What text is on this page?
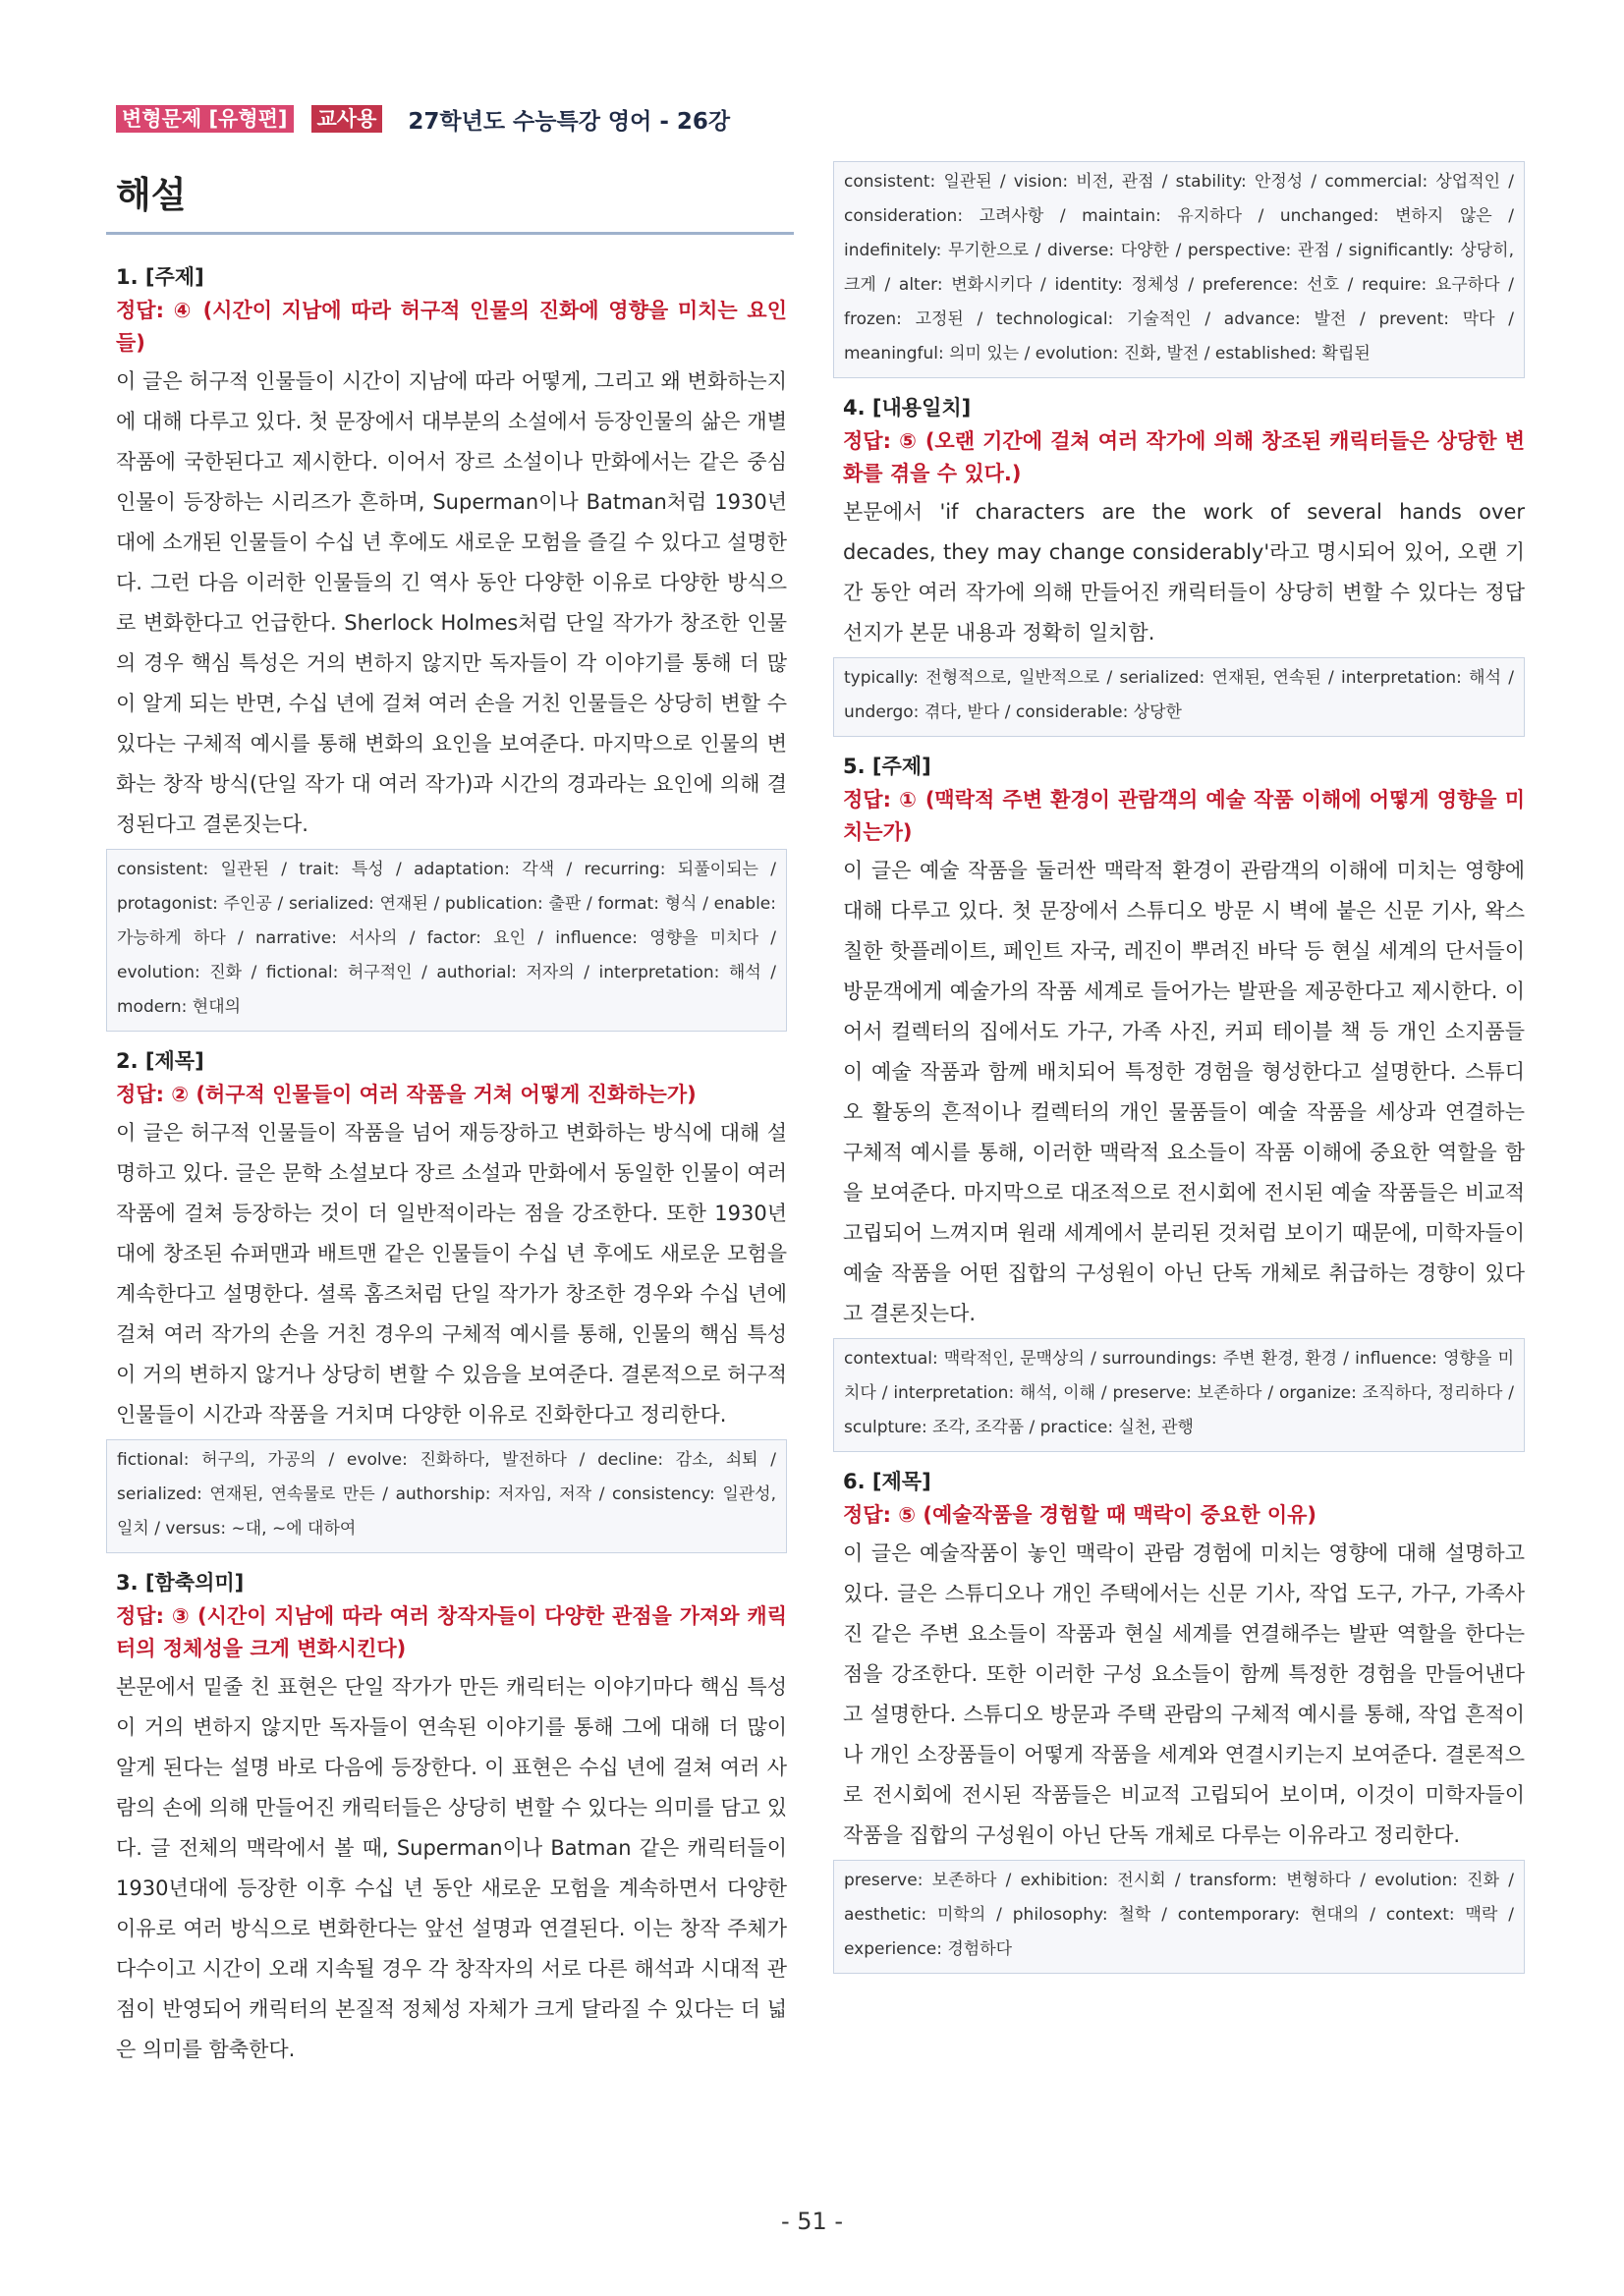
변형문제 [유형편] 교사용 27학년도 수능특강 영어 - 26강
해설
1. [주제]

정답: ④ (시간이 지남에 따라 허구적 인물의 진화에 영향을 미치는 요인들)

이 글은 허구적 인물들이 시간이 지남에 따라 어떻게, 그리고 왜 변화하는지에 대해 다루고 있다. 첫 문장에서 대부분의 소설에서 등장인물의 삶은 개별 작품에 국한된다고 제시한다. 이어서 장르 소설이나 만화에서는 같은 중심 인물이 등장하는 시리즈가 흔하며, Superman이나 Batman처럼 1930년대에 소개된 인물들이 수십 년 후에도 새로운 모험을 즐길 수 있다고 설명한다. 그런 다음 이러한 인물들의 긴 역사 동안 다양한 이유로 다양한 방식으로 변화한다고 언급한다. Sherlock Holmes처럼 단일 작가가 창조한 인물의 경우 핵심 특성은 거의 변하지 않지만 독자들이 각 이야기를 통해 더 많이 알게 되는 반면, 수십 년에 걸쳐 여러 손을 거친 인물들은 상당히 변할 수 있다는 구체적 예시를 통해 변화의 요인을 보여준다. 마지막으로 인물의 변화는 창작 방식(단일 작가 대 여러 작가)과 시간의 경과라는 요인에 의해 결정된다고 결론짓는다.

consistent: 일관된 / trait: 특성 / adaptation: 각색 / recurring: 되풀이되는 / protagonist: 주인공 / serialized: 연재된 / publication: 출판 / format: 형식 / enable: 가능하게 하다 / narrative: 서사의 / factor: 요인 / influence: 영향을 미치다 / evolution: 진화 / fictional: 허구적인 / authorial: 저자의 / interpretation: 해석 / modern: 현대의
2. [제목]

정답: ② (허구적 인물들이 여러 작품을 거쳐 어떻게 진화하는가)

이 글은 허구적 인물들이 작품을 넘어 재등장하고 변화하는 방식에 대해 설명하고 있다. 글은 문학 소설보다 장르 소설과 만화에서 동일한 인물이 여러 작품에 걸쳐 등장하는 것이 더 일반적이라는 점을 강조한다. 또한 1930년대에 창조된 슈퍼맨과 배트맨 같은 인물들이 수십 년 후에도 새로운 모험을 계속한다고 설명한다. 셜록 홈즈처럼 단일 작가가 창조한 경우와 수십 년에 걸쳐 여러 작가의 손을 거친 경우의 구체적 예시를 통해, 인물의 핵심 특성이 거의 변하지 않거나 상당히 변할 수 있음을 보여준다. 결론적으로 허구적 인물들이 시간과 작품을 거치며 다양한 이유로 진화한다고 정리한다.

fictional: 허구의, 가공의 / evolve: 진화하다, 발전하다 / decline: 감소, 쇠퇴 / serialized: 연재된, 연속물로 만든 / authorship: 저자임, 저작 / consistency: 일관성, 일치 / versus: ~대, ~에 대하여
3. [함축의미]

정답: ③ (시간이 지남에 따라 여러 창작자들이 다양한 관점을 가져와 캐릭터의 정체성을 크게 변화시킨다)

본문에서 밑줄 친 표현은 단일 작가가 만든 캐릭터는 이야기마다 핵심 특성이 거의 변하지 않지만 독자들이 연속된 이야기를 통해 그에 대해 더 많이 알게 된다는 설명 바로 다음에 등장한다. 이 표현은 수십 년에 걸쳐 여러 사람의 손에 의해 만들어진 캐릭터들은 상당히 변할 수 있다는 의미를 담고 있다. 글 전체의 맥락에서 볼 때, Superman이나 Batman 같은 캐릭터들이 1930년대에 등장한 이후 수십 년 동안 새로운 모험을 계속하면서 다양한 이유로 여러 방식으로 변화한다는 앞선 설명과 연결된다. 이는 창작 주체가 다수이고 시간이 오래 지속될 경우 각 창작자의 서로 다른 해석과 시대적 관점이 반영되어 캐릭터의 본질적 정체성 자체가 크게 달라질 수 있다는 더 넓은 의미를 함축한다.

consistent: 일관된 / vision: 비전, 관점 / stability: 안정성 / commercial: 상업적인 / consideration: 고려사항 / maintain: 유지하다 / unchanged: 변하지 않은 / indefinitely: 무기한으로 / diverse: 다양한 / perspective: 관점 / significantly: 상당히, 크게 / alter: 변화시키다 / identity: 정체성 / preference: 선호 / require: 요구하다 / frozen: 고정된 / technological: 기술적인 / advance: 발전 / prevent: 막다 / meaningful: 의미 있는 / evolution: 진화, 발전 / established: 확립된
4. [내용일치]

정답: ⑤ (오랜 기간에 걸쳐 여러 작가에 의해 창조된 캐릭터들은 상당한 변화를 겪을 수 있다.)

본문에서 'if characters are the work of several hands over decades, they may change considerably'라고 명시되어 있어, 오랜 기간 동안 여러 작가에 의해 만들어진 캐릭터들이 상당히 변할 수 있다는 정답 선지가 본문 내용과 정확히 일치함.

typically: 전형적으로, 일반적으로 / serialized: 연재된, 연속된 / interpretation: 해석 / undergo: 겪다, 받다 / considerable: 상당한
5. [주제]

정답: ① (맥락적 주변 환경이 관람객의 예술 작품 이해에 어떻게 영향을 미치는가)

이 글은 예술 작품을 둘러싼 맥락적 환경이 관람객의 이해에 미치는 영향에 대해 다루고 있다. 첫 문장에서 스튜디오 방문 시 벽에 붙은 신문 기사, 왁스 칠한 핫플레이트, 페인트 자국, 레진이 뿌려진 바닥 등 현실 세계의 단서들이 방문객에게 예술가의 작품 세계로 들어가는 발판을 제공한다고 제시한다. 이어서 컬렉터의 집에서도 가구, 가족 사진, 커피 테이블 책 등 개인 소지품들이 예술 작품과 함께 배치되어 특정한 경험을 형성한다고 설명한다. 스튜디오 활동의 흔적이나 컬렉터의 개인 물품들이 예술 작품을 세상과 연결하는 구체적 예시를 통해, 이러한 맥락적 요소들이 작품 이해에 중요한 역할을 함을 보여준다. 마지막으로 대조적으로 전시회에 전시된 예술 작품들은 비교적 고립되어 느껴지며 원래 세계에서 분리된 것처럼 보이기 때문에, 미학자들이 예술 작품을 어떤 집합의 구성원이 아닌 단독 개체로 취급하는 경향이 있다고 결론짓는다.

contextual: 맥락적인, 문맥상의 / surroundings: 주변 환경, 환경 / influence: 영향을 미치다 / interpretation: 해석, 이해 / preserve: 보존하다 / organize: 조직하다, 정리하다 / sculpture: 조각, 조각품 / practice: 실천, 관행
6. [제목]

정답: ⑤ (예술작품을 경험할 때 맥락이 중요한 이유)

이 글은 예술작품이 놓인 맥락이 관람 경험에 미치는 영향에 대해 설명하고 있다. 글은 스튜디오나 개인 주택에서는 신문 기사, 작업 도구, 가구, 가족사진 같은 주변 요소들이 작품과 현실 세계를 연결해주는 발판 역할을 한다는 점을 강조한다. 또한 이러한 구성 요소들이 함께 특정한 경험을 만들어낸다고 설명한다. 스튜디오 방문과 주택 관람의 구체적 예시를 통해, 작업 흔적이나 개인 소장품들이 어떻게 작품을 세계와 연결시키는지 보여준다. 결론적으로 전시회에 전시된 작품들은 비교적 고립되어 보이며, 이것이 미학자들이 작품을 집합의 구성원이 아닌 단독 개체로 다루는 이유라고 정리한다.

preserve: 보존하다 / exhibition: 전시회 / transform: 변형하다 / evolution: 진화 / aesthetic: 미학의 / philosophy: 철학 / contemporary: 현대의 / context: 맥락 / experience: 경험하다
- 51 -
